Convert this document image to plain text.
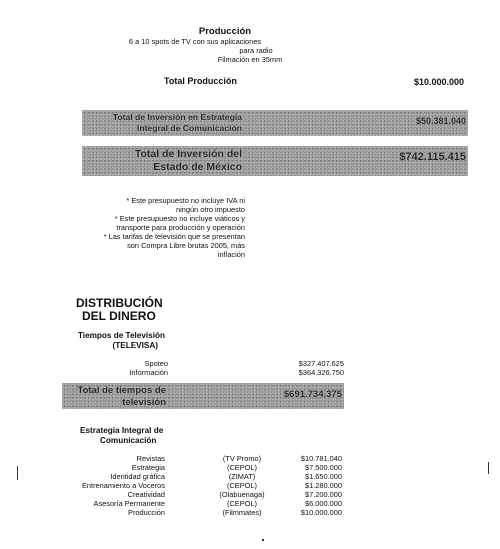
Producción
6 a 10 spots de TV con sus aplicaciones
para radio
Filmación en 35mm
Total Producción	$10.000.000
Total de Inversión en Estrategia
Integral de Comunicación
$50.381.040
Total de Inversión del
Estado de México
$742.115.415
* Este presupuesto no incluye IVA ni
ningún otro impuesto
* Este presupuesto no incluye viáticos y
transporte para producción y operación
* Las tarifas de televisión que se presentan
son Compra Libre brutas 2005, más
inflación
DISTRIBUCIÓN
DEL DINERO
Tiempos de Televisión
(TELEVISA)
Spoteo	$327.407.625
Información	$364.326.750
Total de tiempos de
televisión
$691.734.375
Estrategia Integral de
Comunicación
Revistas	(TV Promo)	$10.781.040
Estrategia	(CEPOL)	$7.500.000
Identidad gráfica	(ZIMAT)	$1.650.000
Entrenamiento a Voceros	(CEPOL)	$1.280.000
Creatividad	(Olabuenaga)	$7.200.000
Asesoría Permanente	(CEPOL)	$6.000.000
Producción	(Filmmates)	$10.000.000
